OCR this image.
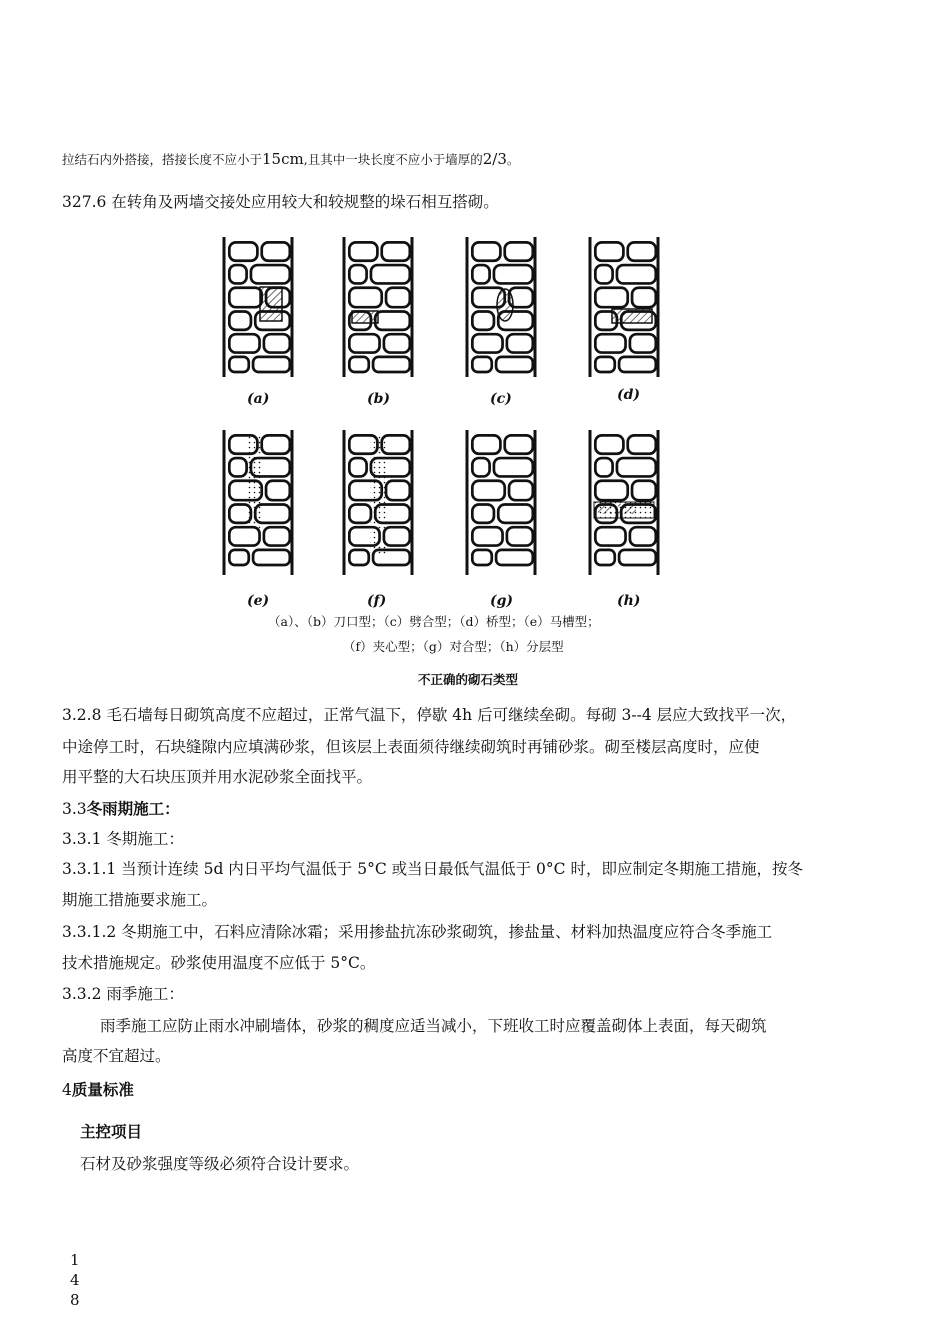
拉结石内外搭接，搭接长度不应小于15cm,且其中一块长度不应小于墙厚的2/3。
327.6 在转角及两墙交接处应用较大和较规整的垛石相互搭砌。
(a)	(b)	(c)	(d)
(e)	(f)	(g)	(h)
（a）、（b）刀口型；（c）劈合型；（d）桥型；（e）马槽型；
（f）夹心型；（g）对合型；（h）分层型
不正确的砌石类型
3.2.8 毛石墙每日砌筑高度不应超过，正常气温下，停歇 4h 后可继续垒砌。每砌 3--4 层应大致找平一次，
中途停工时，石块缝隙内应填满砂浆，但该层上表面须待继续砌筑时再铺砂浆。砌至楼层高度时，应使
用平整的大石块压顶并用水泥砂浆全面找平。
3.3冬雨期施工：
3.3.1 冬期施工：
3.3.1.1 当预计连续 5d 内日平均气温低于 5°C 或当日最低气温低于 0°C 时，即应制定冬期施工措施，按冬
期施工措施要求施工。
3.3.1.2 冬期施工中，石料应清除冰霜；采用掺盐抗冻砂浆砌筑，掺盐量、材料加热温度应符合冬季施工
技术措施规定。砂浆使用温度不应低于 5°C。
3.3.2 雨季施工：
雨季施工应防止雨水冲刷墙体，砂浆的稠度应适当减小，下班收工时应覆盖砌体上表面，每天砌筑
高度不宜超过。
4质量标准
主控项目
石材及砂浆强度等级必须符合设计要求。
1
4
8
